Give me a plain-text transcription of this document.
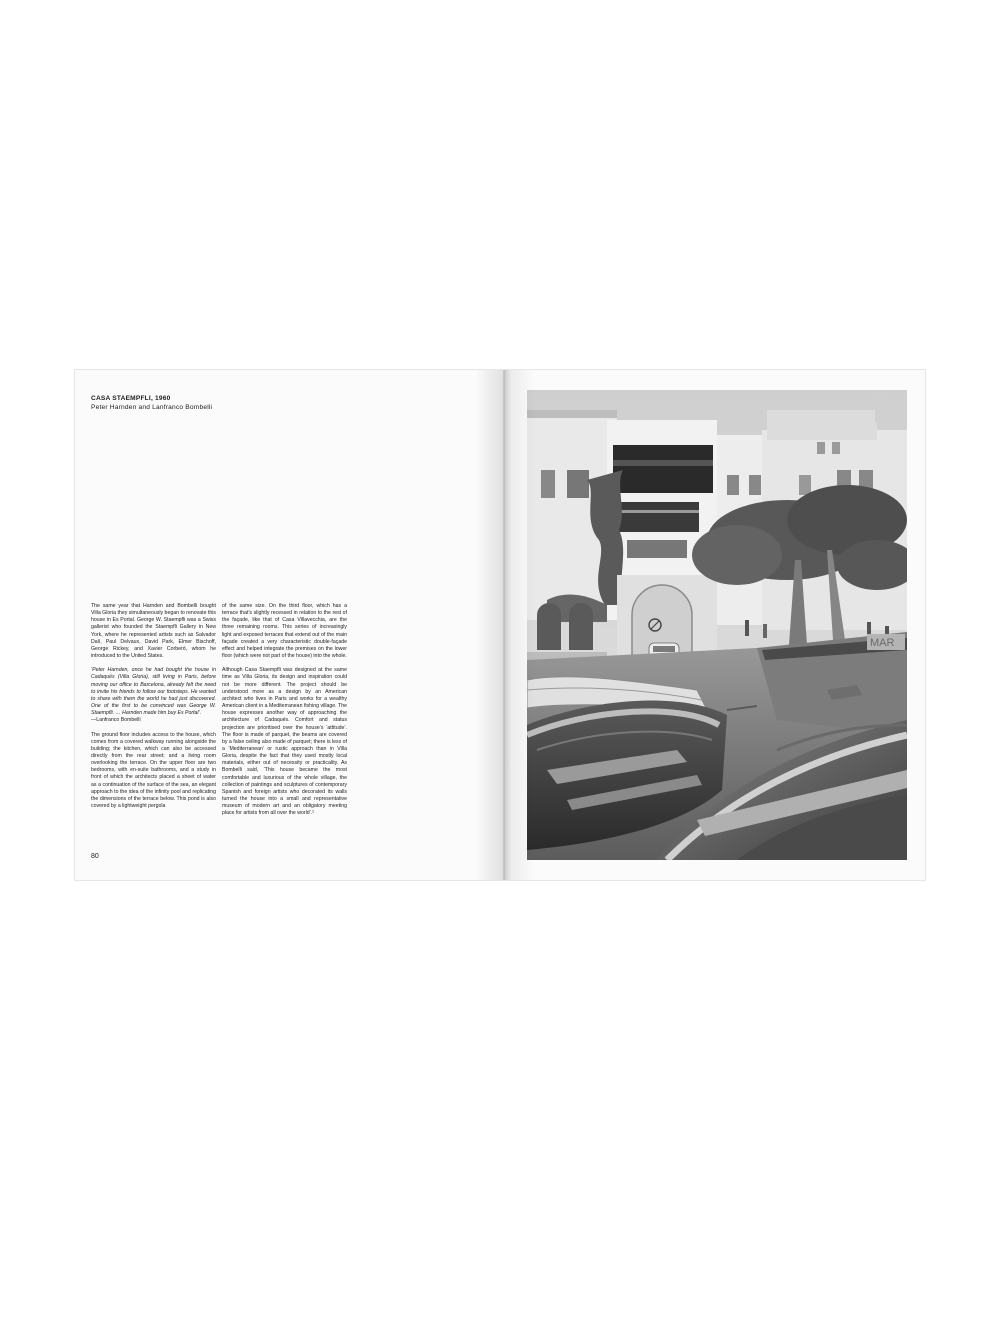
CASA STAEMPFLI, 1960
Peter Harnden and Lanfranco Bombelli

The same year that Harnden and Bombelli bought Villa Gloria they simultaneously began to renovate this house in Es Portal. George W. Staempfli was a Swiss gallerist who founded the Staempfli Gallery in New York, where he represented artists such as Salvador Dalí, Paul Delvaux, David Park, Elmer Bischoff, George Rickey, and Xavier Corberó, whom he introduced to the United States.

‘Peter Harnden, once he had bought the house in Cadaqués (Villa Gloria), still living in Paris, before moving our office to Barcelona, already felt the need to invite his friends to follow our footsteps. He wanted to share with them the world he had just discovered. One of the first to be convinced was George W. Staempfli. … Harnden made him buy Es Portal’.

—Lanfranco Bombelli

The ground floor includes access to the house, which comes from a covered walkway running alongside the building; the kitchen, which can also be accessed directly from the rear street; and a living room overlooking the terrace. On the upper floor are two bedrooms, with en-suite bathrooms, and a study in front of which the architects placed a sheet of water as a continuation of the surface of the sea, an elegant approach to the idea of the infinity pool and replicating the dimensions of the terrace below. This pond is also covered by a lightweight pergola

of the same size. On the third floor, which has a terrace that’s slightly recessed in relation to the rest of the façade, like that of Casa Villavecchia, are the three remaining rooms. This series of increasingly light and exposed terraces that extend out of the main façade created a very characteristic double-façade effect and helped integrate the premises on the lower floor (which were not part of the house) into the whole.

Although Casa Staempfli was designed at the same time as Villa Gloria, its design and inspiration could not be more different. The project should be understood more as a design by an American architect who lives in Paris and works for a wealthy American client in a Mediterranean fishing village. The house expresses another way of approaching the architecture of Cadaqués. Comfort and status projection are prioritised over the house’s ‘attitude’. The floor is made of parquet, the beams are covered by a false ceiling also made of parquet; there is less of a ‘Mediterranean’ or rustic approach than in Villa Gloria, despite the fact that they used mostly local materials, either out of necessity or practicality. As Bombelli said, ‘This house became the most comfortable and luxurious of the whole village, the collection of paintings and sculptures of contemporary Spanish and foreign artists who decorated its walls turned the house into a small and representative museum of modern art and an obligatory meeting place for artists from all over the world’.²

80
MAR
